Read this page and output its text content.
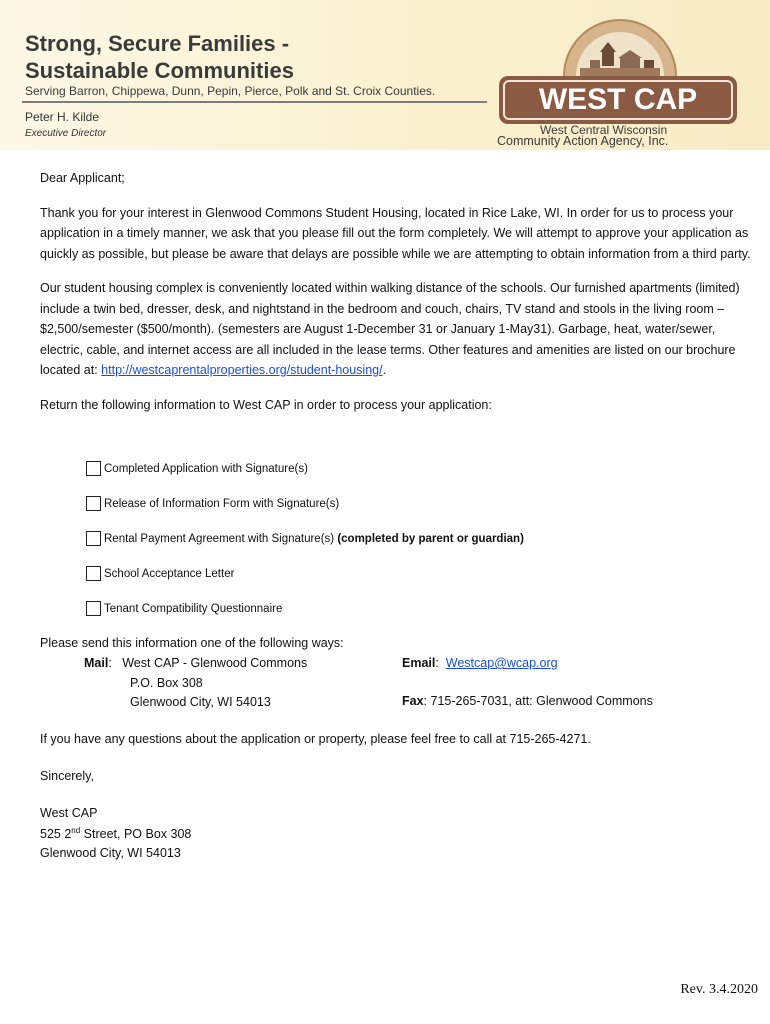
Strong, Secure Families -
Sustainable Communities
Serving Barron, Chippewa, Dunn, Pepin, Pierce, Polk and St. Croix Counties.
Peter H. Kilde
Executive Director
WEST CAP
West Central Wisconsin
Community Action Agency, Inc.

Dear Applicant;

Thank you for your interest in Glenwood Commons Student Housing, located in Rice Lake, WI. In order for us to process your application in a timely manner, we ask that you please fill out the form completely. We will attempt to approve your application as quickly as possible, but please be aware that delays are possible while we are attempting to obtain information from a third party.

Our student housing complex is conveniently located within walking distance of the schools. Our furnished apartments (limited) include a twin bed, dresser, desk, and nightstand in the bedroom and couch, chairs, TV stand and stools in the living room – $2,500/semester ($500/month). (semesters are August 1-December 31 or January 1-May31). Garbage, heat, water/sewer, electric, cable, and internet access are all included in the lease terms. Other features and amenities are listed on our brochure located at: http://westcaprentalproperties.org/student-housing/.

Return the following information to West CAP in order to process your application:

Completed Application with Signature(s)
Release of Information Form with Signature(s)
Rental Payment Agreement with Signature(s)
(completed by parent or guardian)
School Acceptance Letter
Tenant Compatibility Questionnaire
Please send this information one of the following ways:
Mail:   West CAP - Glenwood Commons
P.O. Box 308
Glenwood City, WI 54013
Email:  Westcap@wcap.org
Fax: 715-265-7031, att: Glenwood Commons
If you have any questions about the application or property, please feel free to call at 715-265-4271.
Sincerely,
West CAP
525 2nd Street, PO Box 308
Glenwood City, WI 54013
Rev. 3.4.2020
